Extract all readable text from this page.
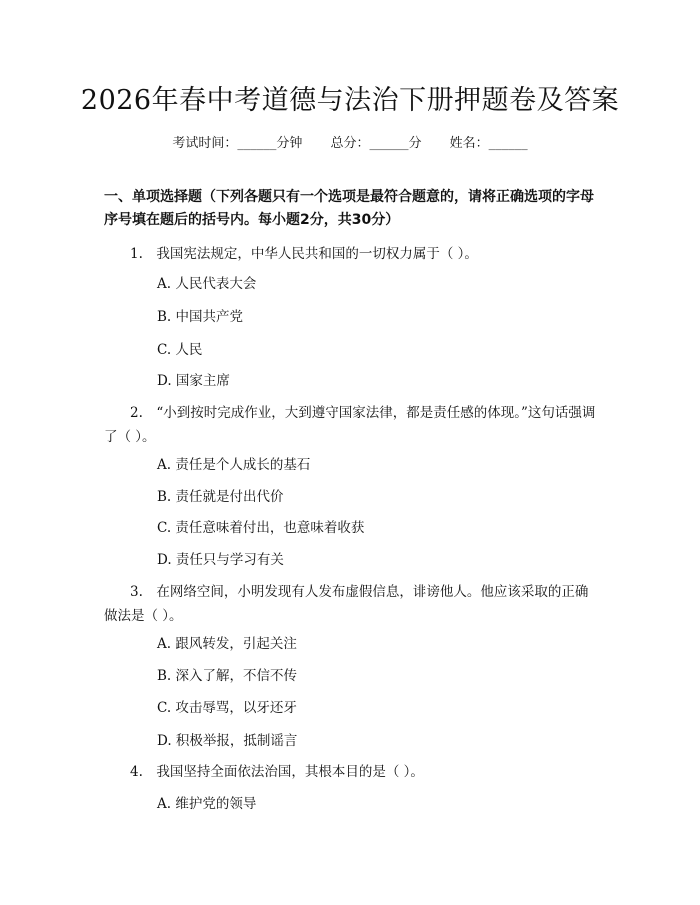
2026年春中考道德与法治下册押题卷及答案
考试时间：______分钟 总分：______分 姓名：______
一、单项选择题（下列各题只有一个选项是最符合题意的，请将正确选项的字母序号填在题后的括号内。每小题2分，共30分）
1.　我国宪法规定，中华人民共和国的一切权力属于（ ）。
A. 人民代表大会
B. 中国共产党
C. 人民
D. 国家主席
2.　“小到按时完成作业，大到遵守国家法律，都是责任感的体现。”这句话强调了（ ）。
A. 责任是个人成长的基石
B. 责任就是付出代价
C. 责任意味着付出，也意味着收获
D. 责任只与学习有关
3.　在网络空间，小明发现有人发布虚假信息，诽谤他人。他应该采取的正确做法是（ ）。
A. 跟风转发，引起关注
B. 深入了解，不信不传
C. 攻击辱骂，以牙还牙
D. 积极举报，抵制谣言
4.　我国坚持全面依法治国，其根本目的是（ ）。
A. 维护党的领导
